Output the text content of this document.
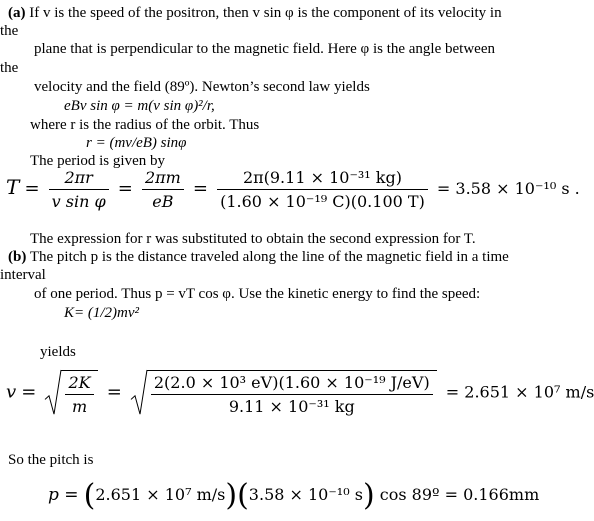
(a) If v is the speed of the positron, then v sin φ is the component of its velocity in
the
plane that is perpendicular to the magnetic field. Here φ is the angle between
the
velocity and the field (89º). Newton’s second law yields
eBv sin φ = m(v sin φ)²/r,
where r is the radius of the orbit. Thus
r = (mv/eB) sinφ
The period is given by
$T = \frac{2\pi r}{\text{v sin φ}} = \frac{2\pi m}{eB} = \frac{\text{2π(9.11 × 10⁻³¹ kg)}}{\text{(1.60 × 10⁻¹⁹ C)(0.100 T)}} = 3.58 \times 10^{-10}$ s .
The expression for r was substituted to obtain the second expression for T.
(b) The pitch p is the distance traveled along the line of the magnetic field in a time
interval
of one period. Thus p = vT cos φ. Use the kinetic energy to find the speed:
K= (1/2)mv²
yields
$v = \frac{2K}{m} = \frac{\text{2(2.0 × 10³ eV)(1.60 × 10⁻¹⁹ J/eV)}}{\text{9.11 × 10⁻³¹ kg}} = 2.651 \times 10^7$ m/s
So the pitch is
p = (2.651 × 10⁷ m/s)(3.58 × 10⁻¹⁰ s) cos 89º = 0.166mm
